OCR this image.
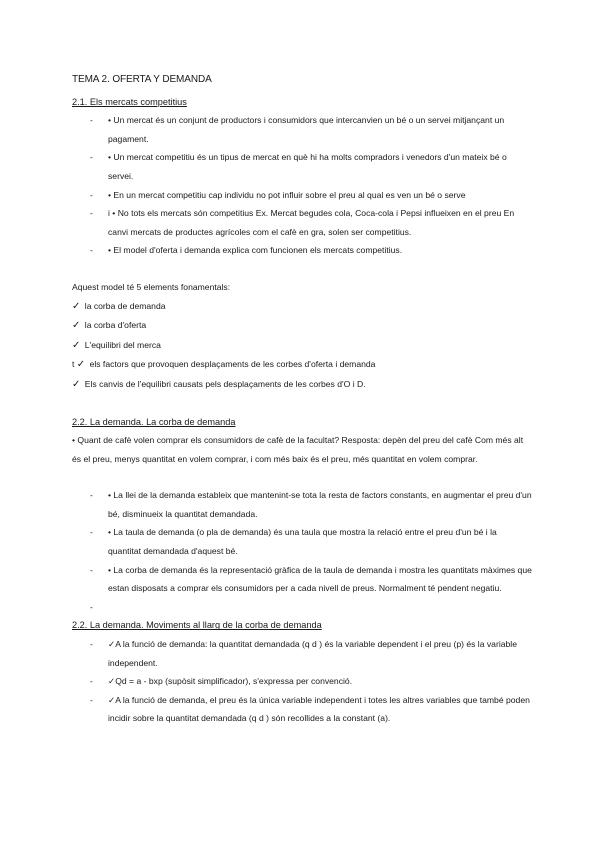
TEMA 2. OFERTA Y DEMANDA
2.1. Els mercats competitius
- • Un mercat és un conjunt de productors i consumidors que intercanvien un bé o un servei mitjançant un pagament.
- • Un mercat competitiu és un tipus de mercat en què hi ha molts compradors i venedors d'un mateix bé o servei.
- • En un mercat competitiu cap individu no pot influir sobre el preu al qual es ven un bé o serve
- i • No tots els mercats són competitius Ex. Mercat begudes cola, Coca-cola i Pepsi influeixen en el preu En canvi mercats de productes agrícoles com el cafè en gra, solen ser competitius.
- • El model d'oferta i demanda explica com funcionen els mercats competitius.

Aquest model té 5 elements fonamentals:

✓ la corba de demanda
✓ la corba d'oferta
✓ L'equilibri del merca
t ✓ els factors que provoquen desplaçaments de les corbes d'oferta i demanda
✓ Els canvis de l'equilibri causats pels desplaçaments de les corbes d'O i D.
2.2. La demanda. La corba de demanda

• Quant de cafè volen comprar els consumidors de cafè de la facultat? Resposta: depèn del preu del cafè Com més alt és el preu, menys quantitat en volem comprar, i com més baix és el preu, més quantitat en volem comprar.

- • La llei de la demanda estableix que mantenint-se tota la resta de factors constants, en augmentar el preu d'un bé, disminueix la quantitat demandada.
- • La taula de demanda (o pla de demanda) és una taula que mostra la relació entre el preu d'un bé i la quantitat demandada d'aquest bé.
- • La corba de demanda és la representació gràfica de la taula de demanda i mostra les quantitats màximes que estan disposats a comprar els consumidors per a cada nivell de preus. Normalment té pendent negatiu.
-

2.2. La demanda. Moviments al llarg de la corba de demanda
- ✓A la funció de demanda: la quantitat demandada (q d ) és la variable dependent i el preu (p) és la variable independent.
- ✓Qd = a - bxp (supòsit simplificador), s'expressa per convenció.
- ✓A la funció de demanda, el preu és la única variable independent i totes les altres variables que també poden incidir sobre la quantitat demandada (q d ) són recollides a la constant (a).
